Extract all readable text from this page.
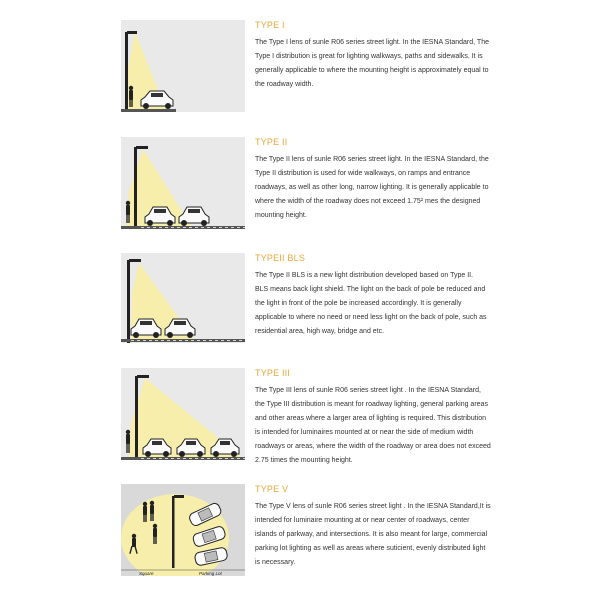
TYPE I

The Type I lens of sunle R06 series street light. In the IESNA Standard, The Type I distribution is great for lighting walkways, paths and sidewalks. It is generally applicable to where the mounting height is approximately equal to the roadway width.

TYPE II

The Type II lens of sunle R06 series street light. In the IESNA Standard, the Type II distribution is used for wide walkways, on ramps and entrance roadways, as well as other long, narrow lighting. It is generally applicable to where the width of the roadway does not exceed 1.75² mes the designed mounting height.

TYPEII BLS

The Type II BLS is a new light distribution developed based on Type II.

BLS means back light shield. The light on the back of pole be reduced and the light in front of the pole be increased accordingly. It is generally applicable to where no need or need less light on the back of pole, such as residential area, high way, bridge and etc.

TYPE III

The Type III lens of sunle R06 series street light . In the IESNA Standard, the Type III distribution is meant for roadway lighting, general parking areas and other areas where a larger area of lighting is required. This distribution is intended for luminaires mounted at or near the side of medium width roadways or areas, where the width of the roadway or area does not exceed 2.75 times the mounting height.

Square	Parking Lot
TYPE V

The Type V lens of sunle R06 series street light . In the IESNA Standard,It is intended for luminaire mounting at or near center of roadways, center islands of parkway, and intersections. It is also meant for large, commercial parking lot lighting as well as areas where suticient, evenly distributed light is necessary.
